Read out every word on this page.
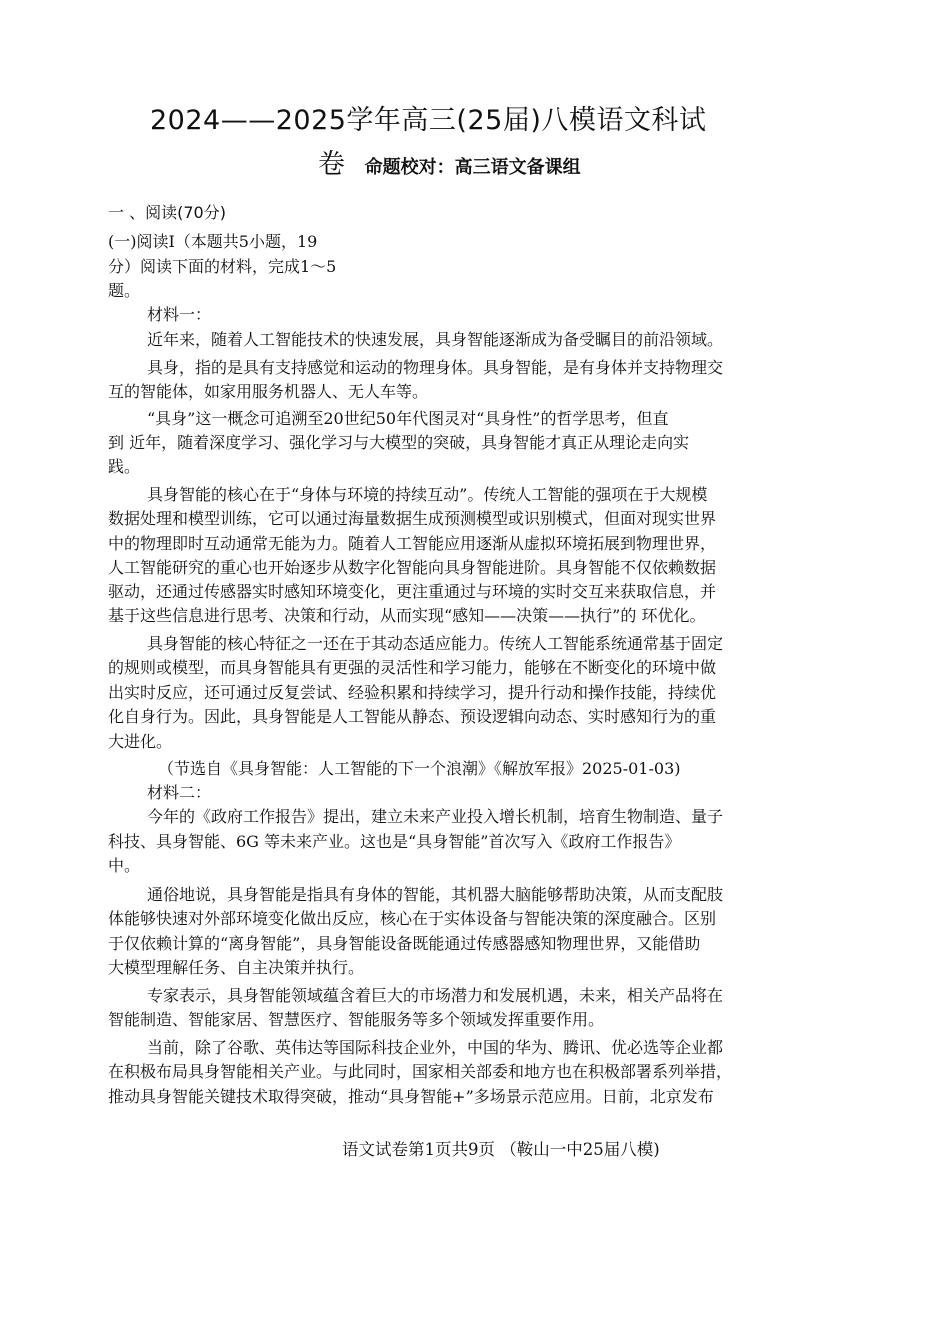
2024——2025学年高三(25届)八模语文科试
卷 命题校对：高三语文备课组
一 、阅读(70分)
(一)阅读Ⅰ（本题共5小题，19
分）阅读下面的材料，完成1～5
题。
材料一：
近年来，随着人工智能技术的快速发展，具身智能逐渐成为备受瞩目的前沿领域。
具身，指的是具有支持感觉和运动的物理身体。具身智能，是有身体并支持物理交
互的智能体，如家用服务机器人、无人车等。
“具身”这一概念可追溯至20世纪50年代图灵对“具身性”的哲学思考，但直
到 近年，随着深度学习、强化学习与大模型的突破，具身智能才真正从理论走向实
践。
具身智能的核心在于“身体与环境的持续互动”。传统人工智能的强项在于大规模
数据处理和模型训练，它可以通过海量数据生成预测模型或识别模式，但面对现实世界
中的物理即时互动通常无能为力。随着人工智能应用逐渐从虚拟环境拓展到物理世界，
人工智能研究的重心也开始逐步从数字化智能向具身智能进阶。具身智能不仅依赖数据
驱动，还通过传感器实时感知环境变化，更注重通过与环境的实时交互来获取信息，并
基于这些信息进行思考、决策和行动，从而实现“感知——决策——执行”的 环优化。
具身智能的核心特征之一还在于其动态适应能力。传统人工智能系统通常基于固定
的规则或模型，而具身智能具有更强的灵活性和学习能力，能够在不断变化的环境中做
出实时反应，还可通过反复尝试、经验积累和持续学习，提升行动和操作技能，持续优
化自身行为。因此，具身智能是人工智能从静态、预设逻辑向动态、实时感知行为的重
大进化。
（节选自《具身智能：人工智能的下一个浪潮》《解放军报》2025-01-03)
材料二：
今年的《政府工作报告》提出，建立未来产业投入增长机制，培育生物制造、量子
科技、具身智能、6G 等未来产业。这也是“具身智能”首次写入《政府工作报告》
中。
通俗地说，具身智能是指具有身体的智能，其机器大脑能够帮助决策，从而支配肢
体能够快速对外部环境变化做出反应，核心在于实体设备与智能决策的深度融合。区别
于仅依赖计算的“离身智能”，具身智能设备既能通过传感器感知物理世界，又能借助
大模型理解任务、自主决策并执行。
专家表示，具身智能领域蕴含着巨大的市场潜力和发展机遇，未来，相关产品将在
智能制造、智能家居、智慧医疗、智能服务等多个领域发挥重要作用。
当前，除了谷歌、英伟达等国际科技企业外，中国的华为、腾讯、优必选等企业都
在积极布局具身智能相关产业。与此同时，国家相关部委和地方也在积极部署系列举措，
推动具身智能关键技术取得突破，推动“具身智能+”多场景示范应用。日前，北京发布
语文试卷第1页共9页 （鞍山一中25届八模)
